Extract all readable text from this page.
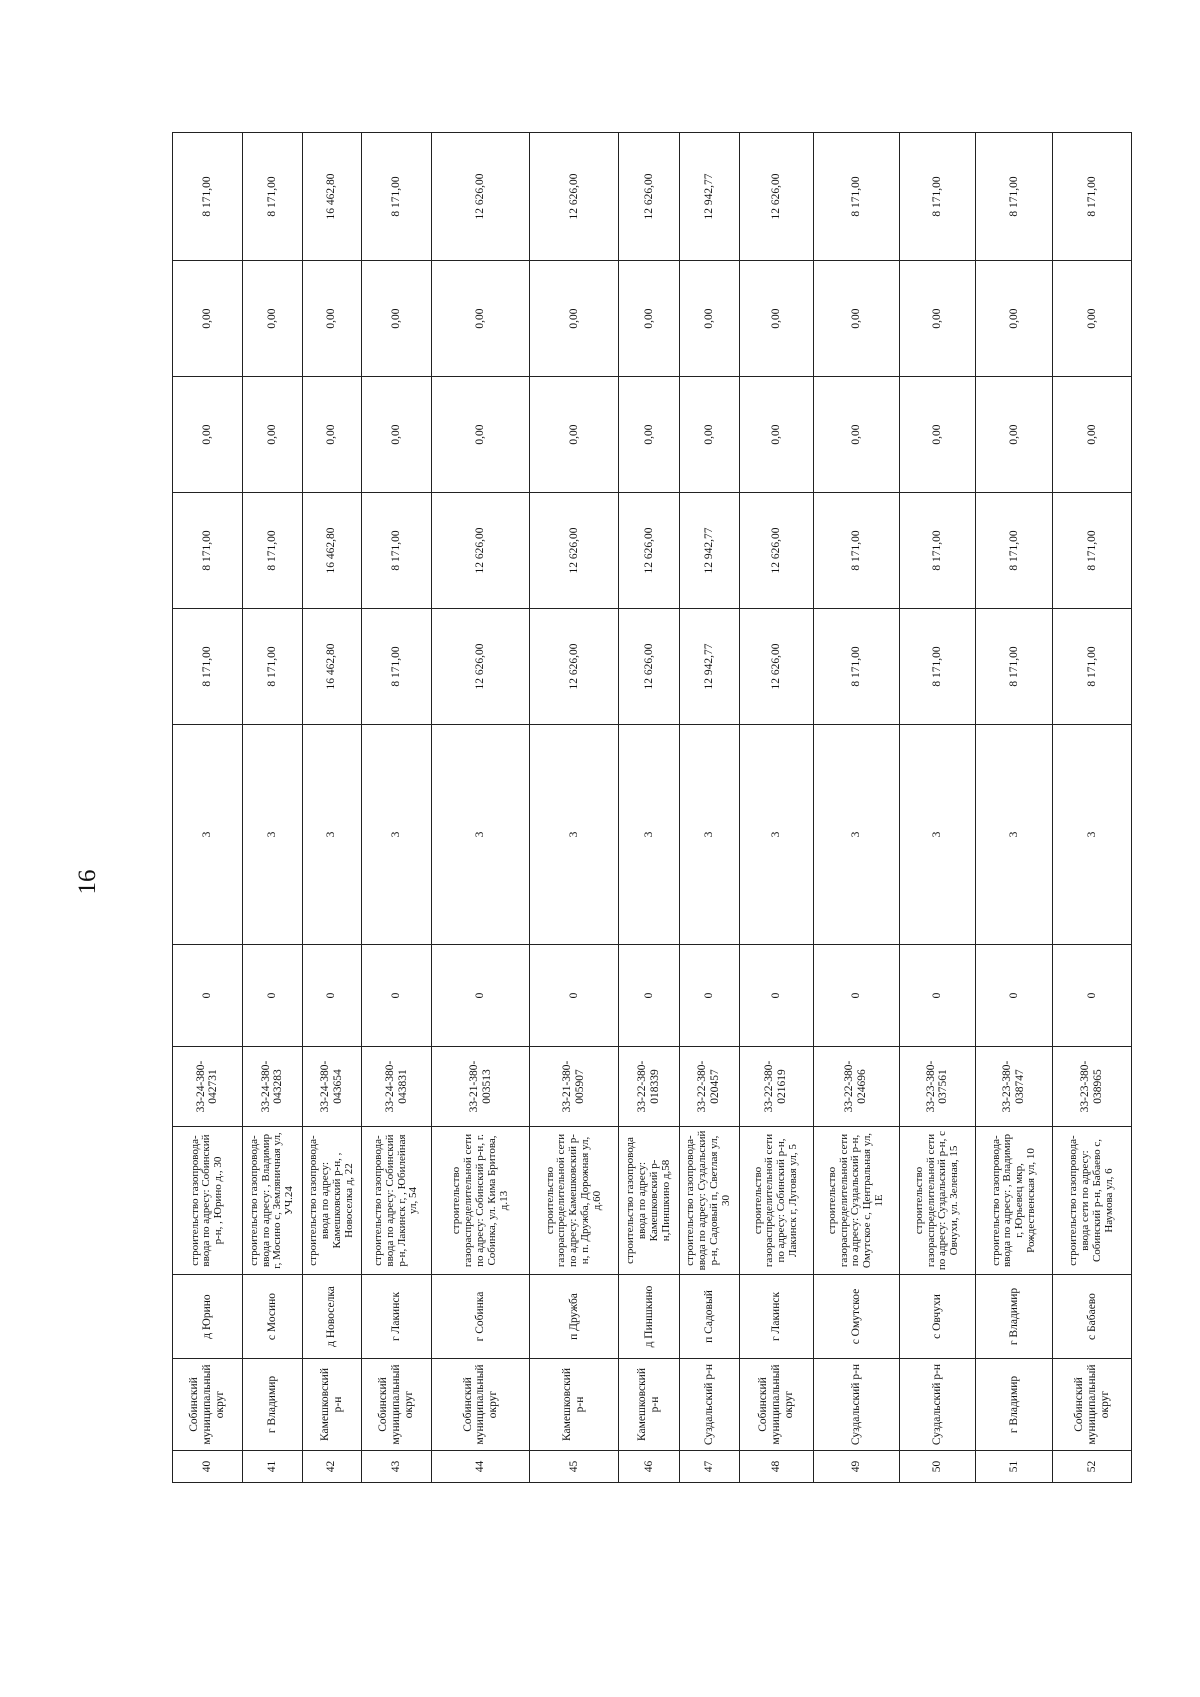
16
40	Собинский муниципальный округ	д Юрино	строительство газопровода-ввода по адресу: Собинский р-н, , Юрино д., 30	33-24-380-042731	0	3	8 171,00	8 171,00	0,00	0,00	8 171,00	
41	г Владимир	с Мосино	строительство газопровода-ввода по адресу: , Владимир г, Мосино с, Земляничная ул, УЧ.24	33-24-380-043283	0	3	8 171,00	8 171,00	0,00	0,00	8 171,00	
42	Камешковский р-н	д Новоселка	строительство газопровода-ввода по адресу: Камешковский р-н, , Новоселка д, 22	33-24-380-043654	0	3	16 462,80	16 462,80	0,00	0,00	16 462,80	
43	Собинский муниципальный округ	г Лакинск	строительство газопровода-ввода по адресу: Собинский р-н, Лакинск г, , Юбилейная ул, 54	33-24-380-043831	0	3	8 171,00	8 171,00	0,00	0,00	8 171,00	
44	Собинский муниципальный округ	г Собинка	строительство газораспределительной сети по адресу: Собинский р-н, г. Собинка, ул. Кима Бритова, д.13	33-21-380-003513	0	3	12 626,00	12 626,00	0,00	0,00	12 626,00	
45	Камешковский р-н	п Дружба	строительство газораспределительной сети по адресу: Камешковский р-н, п. Дружба, Дорожная ул, д.60	33-21-380-005907	0	3	12 626,00	12 626,00	0,00	0,00	12 626,00	
46	Камешковский р-н	д Пиншкино	строительство газопровода ввода по адресу: Камешковский р-н,Пиншкино д,58	33-22-380-018339	0	3	12 626,00	12 626,00	0,00	0,00	12 626,00	
47	Суздальский р-н	п Садовый	строительство газопровода-ввода по адресу: Суздальский р-н, Садовый п, Светлая ул, 30	33-22-380-020457	0	3	12 942,77	12 942,77	0,00	0,00	12 942,77	
48	Собинский муниципальный округ	г Лакинск	строительство газораспределительной сети по адресу: Собинский р-н, Лакинск г, Луговая ул, 5	33-22-380-021619	0	3	12 626,00	12 626,00	0,00	0,00	12 626,00	
49	Суздальский р-н	с Омутское	строительство газораспределительной сети по адресу: Суздальский р-н, Омутское с, Центральная ул, 1Е	33-22-380-024696	0	3	8 171,00	8 171,00	0,00	0,00	8 171,00	
50	Суздальский р-н	с Овчухи	строительство газораспределительной сети по адресу: Суздальский р-н, с Овчухи, ул. Зеленая, 15	33-23-380-037561	0	3	8 171,00	8 171,00	0,00	0,00	8 171,00	
51	г Владимир	г Владимир	строительство газопровода-ввода по адресу: , Владимир г, Юрьевец мкр, Рождественская ул, 10	33-23-380-038747	0	3	8 171,00	8 171,00	0,00	0,00	8 171,00	
52	Собинский муниципальный округ	с Бабаево	строительство газопровода-ввода сети по адресу: Собинский р-н, Бабаево с, Наумова ул, 6	33-23-380-038965	0	3	8 171,00	8 171,00	0,00	0,00	8 171,00	
